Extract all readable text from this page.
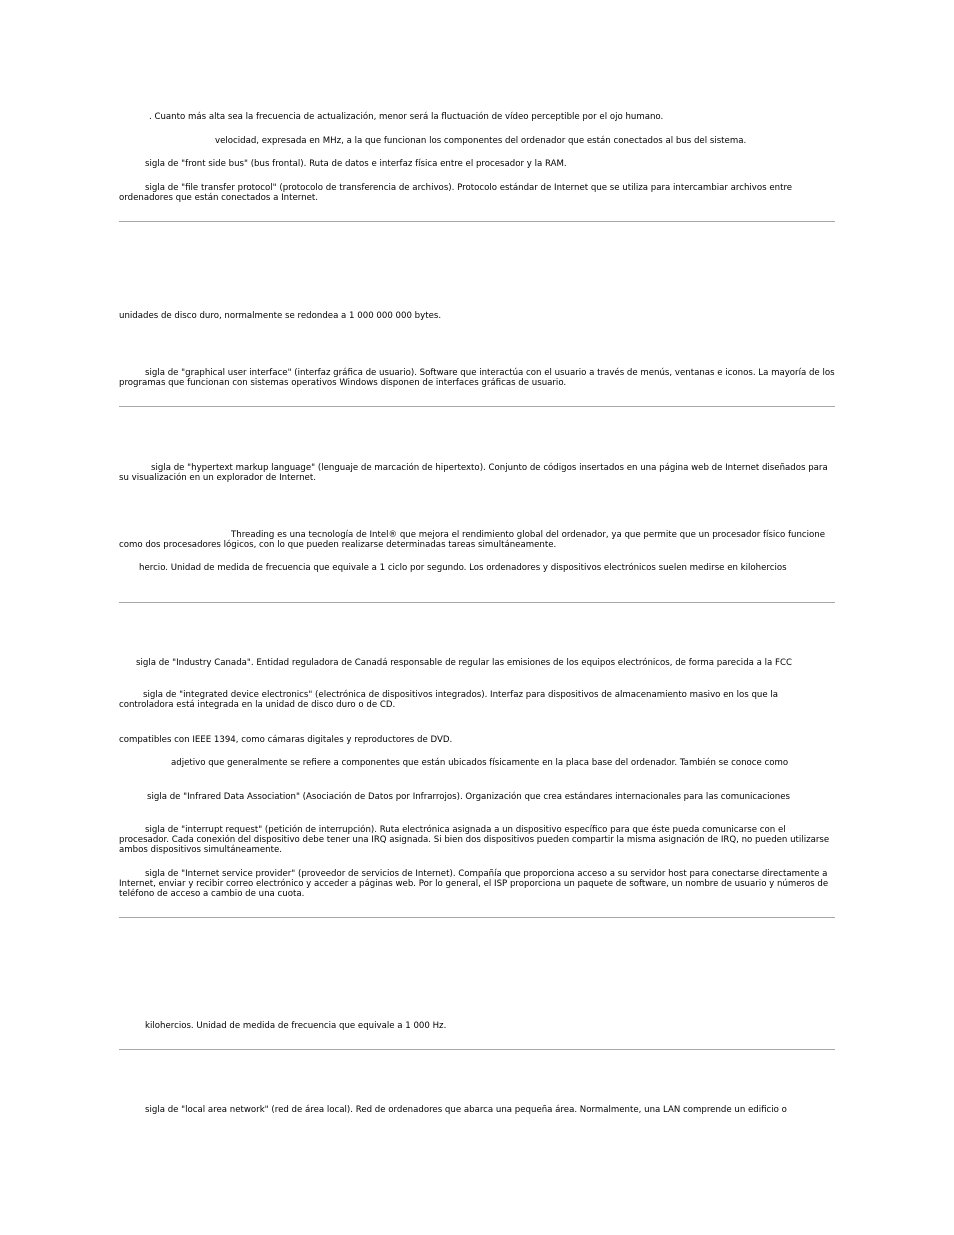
. Cuanto más alta sea la frecuencia de actualización, menor será la fluctuación de vídeo perceptible por el ojo humano.

velocidad, expresada en MHz, a la que funcionan los componentes del ordenador que están conectados al bus del sistema.

sigla de "front side bus" (bus frontal). Ruta de datos e interfaz física entre el procesador y la RAM.

sigla de "file transfer protocol" (protocolo de transferencia de archivos). Protocolo estándar de Internet que se utiliza para intercambiar archivos entre ordenadores que están conectados a Internet.

unidades de disco duro, normalmente se redondea a 1 000 000 000 bytes.

sigla de "graphical user interface" (interfaz gráfica de usuario). Software que interactúa con el usuario a través de menús, ventanas e iconos. La mayoría de los programas que funcionan con sistemas operativos Windows disponen de interfaces gráficas de usuario.

sigla de "hypertext markup language" (lenguaje de marcación de hipertexto). Conjunto de códigos insertados en una página web de Internet diseñados para su visualización en un explorador de Internet.

Threading es una tecnología de Intel® que mejora el rendimiento global del ordenador, ya que permite que un procesador físico funcione como dos procesadores lógicos, con lo que pueden realizarse determinadas tareas simultáneamente.

hercio. Unidad de medida de frecuencia que equivale a 1 ciclo por segundo. Los ordenadores y dispositivos electrónicos suelen medirse en kilohercios

sigla de "Industry Canada". Entidad reguladora de Canadá responsable de regular las emisiones de los equipos electrónicos, de forma parecida a la FCC

sigla de "integrated device electronics" (electrónica de dispositivos integrados). Interfaz para dispositivos de almacenamiento masivo en los que la controladora está integrada en la unidad de disco duro o de CD.

compatibles con IEEE 1394, como cámaras digitales y reproductores de DVD.

adjetivo que generalmente se refiere a componentes que están ubicados físicamente en la placa base del ordenador. También se conoce como

sigla de "Infrared Data Association" (Asociación de Datos por Infrarrojos). Organización que crea estándares internacionales para las comunicaciones

sigla de "interrupt request" (petición de interrupción). Ruta electrónica asignada a un dispositivo específico para que éste pueda comunicarse con el procesador. Cada conexión del dispositivo debe tener una IRQ asignada. Si bien dos dispositivos pueden compartir la misma asignación de IRQ, no pueden utilizarse ambos dispositivos simultáneamente.

sigla de "Internet service provider" (proveedor de servicios de Internet). Compañía que proporciona acceso a su servidor host para conectarse directamente a Internet, enviar y recibir correo electrónico y acceder a páginas web. Por lo general, el ISP proporciona un paquete de software, un nombre de usuario y números de teléfono de acceso a cambio de una cuota.

kilohercios. Unidad de medida de frecuencia que equivale a 1 000 Hz.

sigla de "local area network" (red de área local). Red de ordenadores que abarca una pequeña área. Normalmente, una LAN comprende un edificio o
